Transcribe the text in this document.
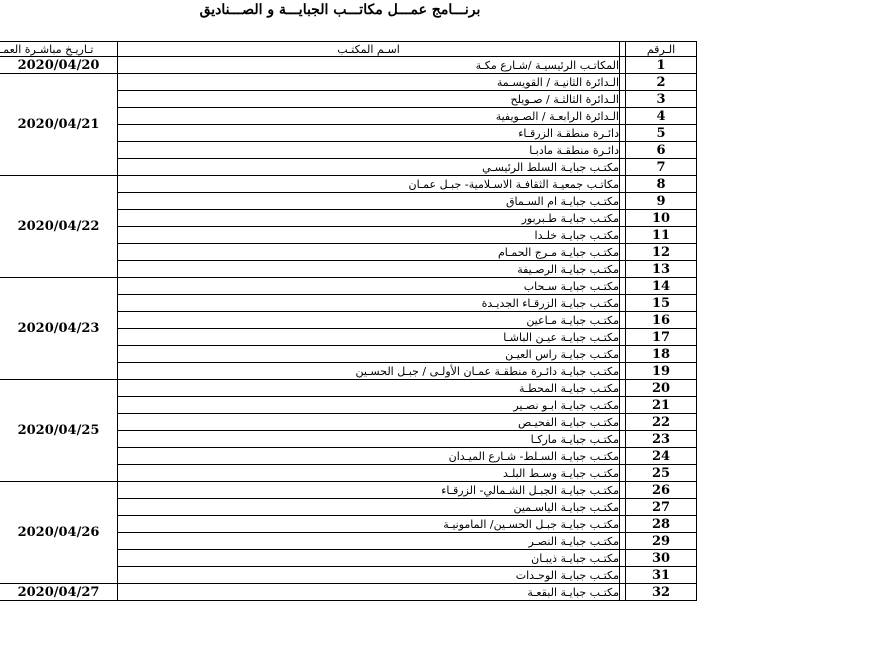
برنـــامج عمـــل مكاتـــب الجبايـــة و الصـــناديق
تـاريـخ مباشـرة العمـ	اسـم المكتـب		الـرقم
2020/04/20	المكاتـب الرئيسيـة /شـارع مكـة		1
2020/04/21	الـدائرة الثانيـة / القويسـمة		2
	الـدائرة الثالثـة / صـويلح		3
	الـدائرة الرابعـة / الصـويفية		4
	دائـرة منطقـة الزرقـاء		5
	دائـرة منطقـة مادبـا		6
	مكتـب جبايـة السلط الرئيسـي		7
2020/04/22	مكاتـب جمعيـة الثقافـة الاسـلامية- جبـل عمـان		8
	مكتـب جبايـة ام السـماق		9
	مكتـب جبايـة طـبربور		10
	مكتـب جبايـة خلـدا		11
	مكتـب جبايـة مـرج الحمـام		12
	مكتـب جبايـة الرصـيفة		13
2020/04/23	مكتـب جبايـة سـحاب		14
	مكتـب جبايـة الزرقـاء الجديـدة		15
	مكتـب جبايـة مـاعين		16
	مكتـب جبايـة عيـن الباشـا		17
	مكتـب جبايـة راس العيـن		18
	مكتـب جبايـة دائـرة منطقـة عمـان الأولـى / جبـل الحسـين		19
2020/04/25	مكتـب جبايـة المحطـة		20
	مكتـب جبايـة ابـو نصـير		21
	مكتـب جبايـة الفحيـص		22
	مكتـب جبايـة ماركـا		23
	مكتـب جبايـة السـلط- شـارع الميـدان		24
	مكتـب جبايـة وسـط البلـد		25
2020/04/26	مكتـب جبايـة الجبـل الشـمالي- الزرقـاء		26
	مكتـب جبايـة الياسـمين		27
	مكتـب جبايـة جبـل الحسـين/ المامونيـة		28
	مكتـب جبايـة النصـر		29
	مكتـب جبايـة ذيبـان		30
	مكتـب جبايـة الوحـدات		31
2020/04/27	مكتـب جبايـة البقعـة		32
